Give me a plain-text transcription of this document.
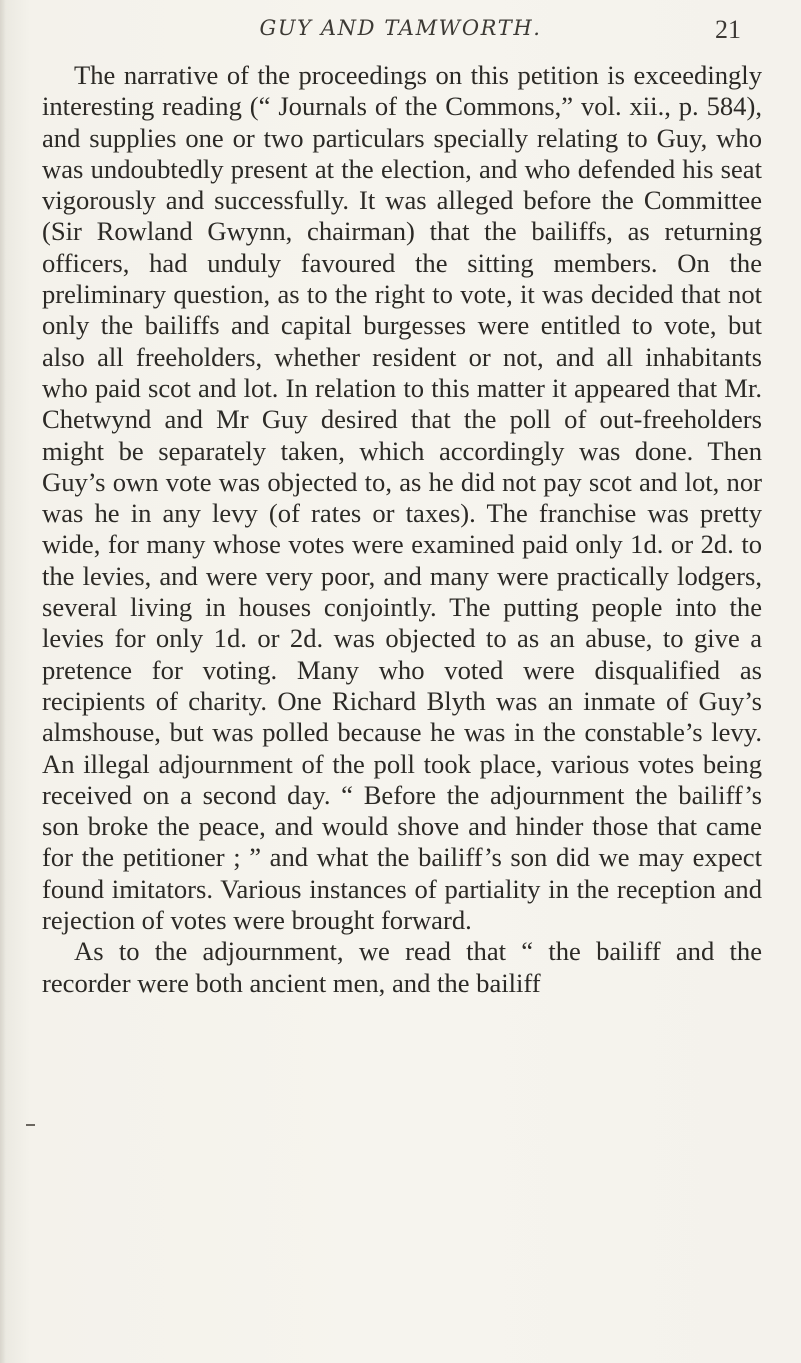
GUY AND TAMWORTH.	21

The narrative of the proceedings on this petition is exceedingly interesting reading (“ Journals of the Commons,” vol. xii., p. 584), and supplies one or two particulars specially relating to Guy, who was undoubtedly present at the election, and who defended his seat vigorously and successfully. It was alleged before the Committee (Sir Rowland Gwynn, chairman) that the bailiffs, as returning officers, had unduly favoured the sitting members. On the preliminary question, as to the right to vote, it was decided that not only the bailiffs and capital burgesses were entitled to vote, but also all freeholders, whether resident or not, and all inhabitants who paid scot and lot. In relation to this matter it appeared that Mr. Chetwynd and Mr Guy desired that the poll of out-freeholders might be separately taken, which accordingly was done. Then Guy’s own vote was objected to, as he did not pay scot and lot, nor was he in any levy (of rates or taxes). The franchise was pretty wide, for many whose votes were examined paid only 1d. or 2d. to the levies, and were very poor, and many were practically lodgers, several living in houses conjointly. The putting people into the levies for only 1d. or 2d. was objected to as an abuse, to give a pretence for voting. Many who voted were disqualified as recipients of charity. One Richard Blyth was an inmate of Guy’s almshouse, but was polled because he was in the constable’s levy. An illegal adjournment of the poll took place, various votes being received on a second day. “ Before the adjournment the bailiff’s son broke the peace, and would shove and hinder those that came for the petitioner ; ” and what the bailiff’s son did we may expect found imitators. Various instances of partiality in the reception and rejection of votes were brought forward.

As to the adjournment, we read that “ the bailiff and the recorder were both ancient men, and the bailiff
